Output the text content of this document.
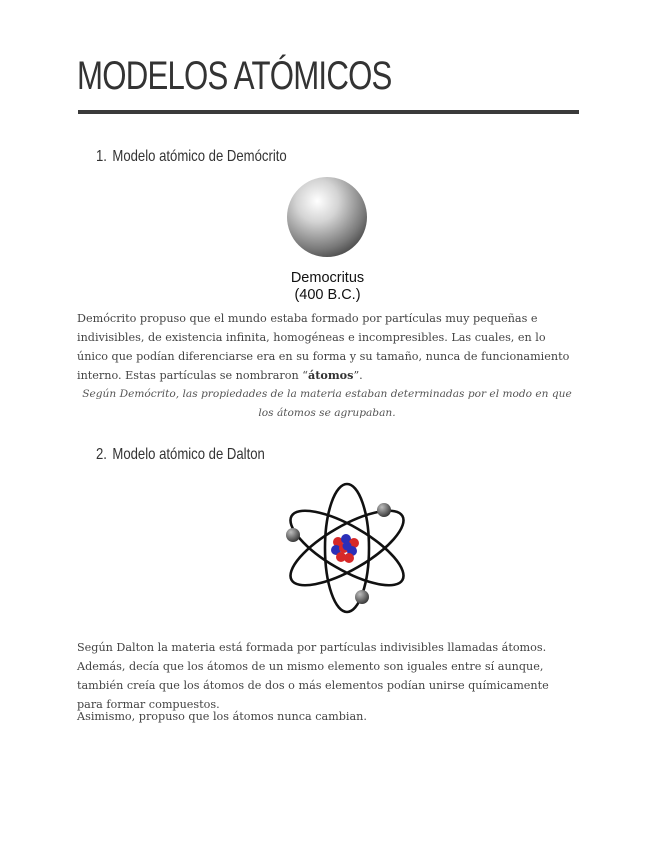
MODELOS ATÓMICOS
1. Modelo atómico de Demócrito
Democritus
(400 B.C.)

Demócrito propuso que el mundo estaba formado por partículas muy pequeñas e indivisibles, de existencia infinita, homogéneas e incompresibles. Las cuales, en lo único que podían diferenciarse era en su forma y su tamaño, nunca de funcionamiento interno. Estas partículas se nombraron “átomos”.

Según Demócrito, las propiedades de la materia estaban determinadas por el modo en que los átomos se agrupaban.

2. Modelo atómico de Dalton

Según Dalton la materia está formada por partículas indivisibles llamadas átomos. Además, decía que los átomos de un mismo elemento son iguales entre sí aunque, también creía que los átomos de dos o más elementos podían unirse químicamente para formar compuestos.

Asimismo, propuso que los átomos nunca cambian.
